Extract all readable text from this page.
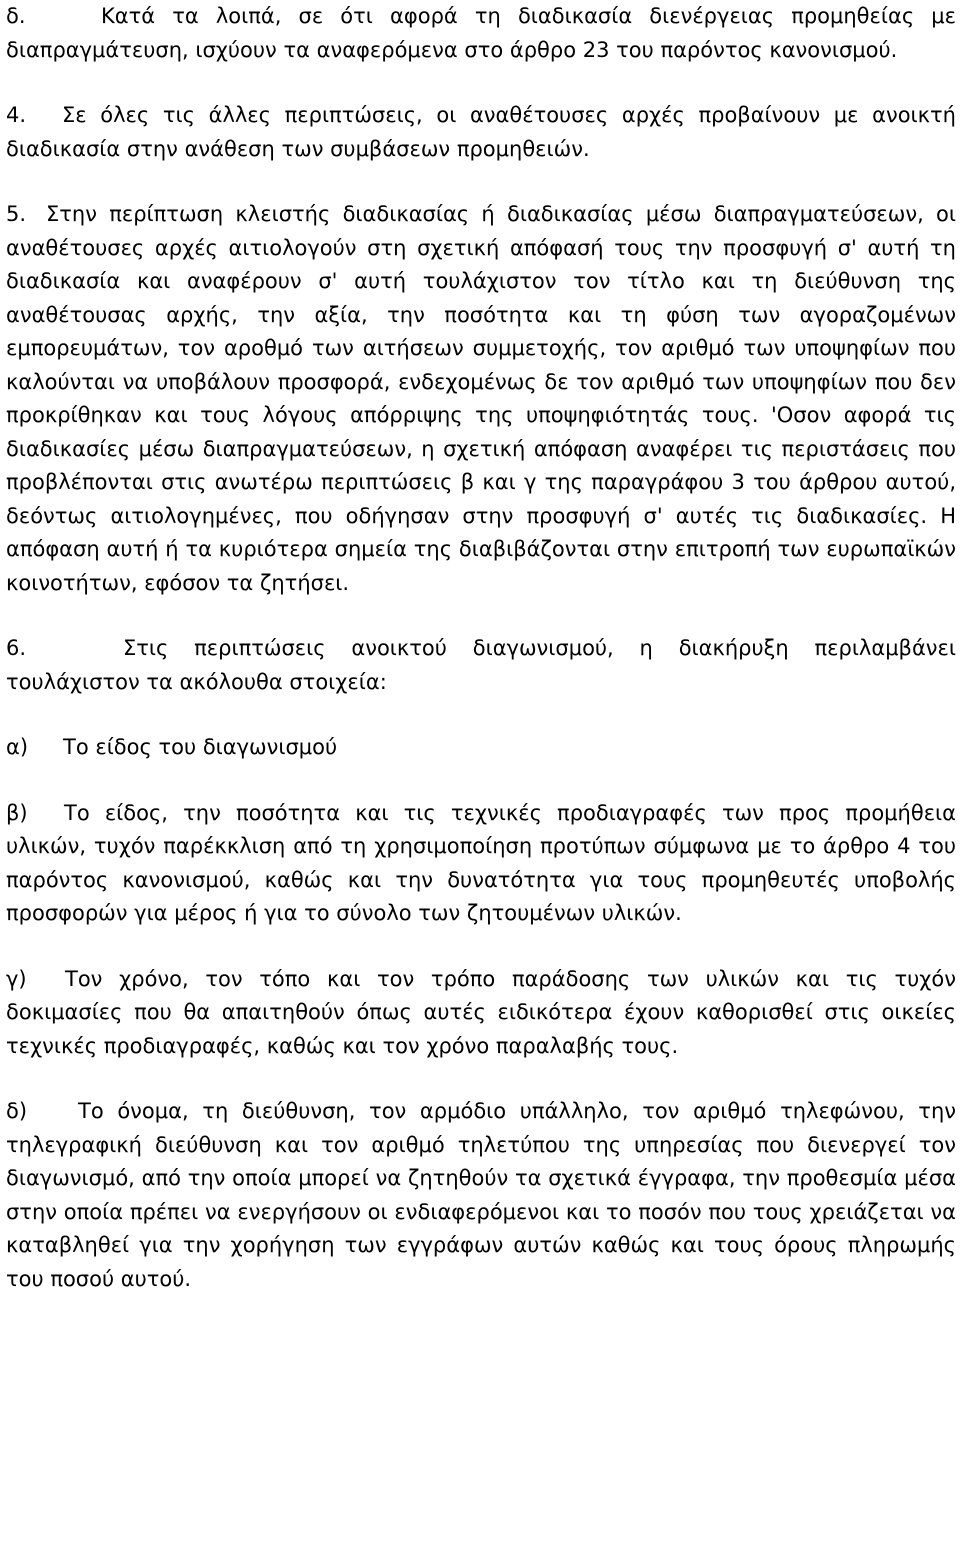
δ.	Κατά τα λοιπά, σε ότι αφορά τη διαδικασία διενέργειας προμηθείας με διαπραγμάτευση, ισχύουν τα αναφερόμενα στο άρθρο 23 του παρόντος κανονισμού.

4. Σε όλες τις άλλες περιπτώσεις, οι αναθέτουσες αρχές προβαίνουν με ανοικτή διαδικασία στην ανάθεση των συμβάσεων προμηθειών.

5. Στην περίπτωση κλειστής διαδικασίας ή διαδικασίας μέσω διαπραγματεύσεων, οι αναθέτουσες αρχές αιτιολογούν στη σχετική απόφασή τους την προσφυγή σ' αυτή τη διαδικασία και αναφέρουν σ' αυτή τουλάχιστον τον τίτλο και τη διεύθυνση της αναθέτουσας αρχής, την αξία, την ποσότητα και τη φύση των αγοραζομένων εμπορευμάτων, τον αροθμό των αιτήσεων συμμετοχής, τον αριθμό των υποψηφίων που καλούνται να υποβάλουν προσφορά, ενδεχομένως δε τον αριθμό των υποψηφίων που δεν προκρίθηκαν και τους λόγους απόρριψης της υποψηφιότητάς τους. 'Οσον αφορά τις διαδικασίες μέσω διαπραγματεύσεων, η σχετική απόφαση αναφέρει τις περιστάσεις που προβλέπονται στις ανωτέρω περιπτώσεις β και γ της παραγράφου 3 του άρθρου αυτού, δεόντως αιτιολογημένες, που οδήγησαν στην προσφυγή σ' αυτές τις διαδικασίες. Η απόφαση αυτή ή τα κυριότερα σημεία της διαβιβάζονται στην επιτροπή των ευρωπαϊκών κοινοτήτων, εφόσον τα ζητήσει.

6.	Στις περιπτώσεις ανοικτού διαγωνισμού, η διακήρυξη περιλαμβάνει τουλάχιστον τα ακόλουθα στοιχεία:

α) Το είδος του διαγωνισμού

β) Το είδος, την ποσότητα και τις τεχνικές προδιαγραφές των προς προμήθεια υλικών, τυχόν παρέκκλιση από τη χρησιμοποίηση προτύπων σύμφωνα με το άρθρο 4 του παρόντος κανονισμού, καθώς και την δυνατότητα για τους προμηθευτές υποβολής προσφορών για μέρος ή για το σύνολο των ζητουμένων υλικών.

γ) Τον χρόνο, τον τόπο και τον τρόπο παράδοσης των υλικών και τις τυχόν δοκιμασίες που θα απαιτηθούν όπως αυτές ειδικότερα έχουν καθορισθεί στις οικείες τεχνικές προδιαγραφές, καθώς και τον χρόνο παραλαβής τους.

δ) Το όνομα, τη διεύθυνση, τον αρμόδιο υπάλληλο, τον αριθμό τηλεφώνου, την τηλεγραφική διεύθυνση και τον αριθμό τηλετύπου της υπηρεσίας που διενεργεί τον διαγωνισμό, από την οποία μπορεί να ζητηθούν τα σχετικά έγγραφα, την προθεσμία μέσα στην οποία πρέπει να ενεργήσουν οι ενδιαφερόμενοι και το ποσόν που τους χρειάζεται να καταβληθεί για την χορήγηση των εγγράφων αυτών καθώς και τους όρους πληρωμής του ποσού αυτού.
